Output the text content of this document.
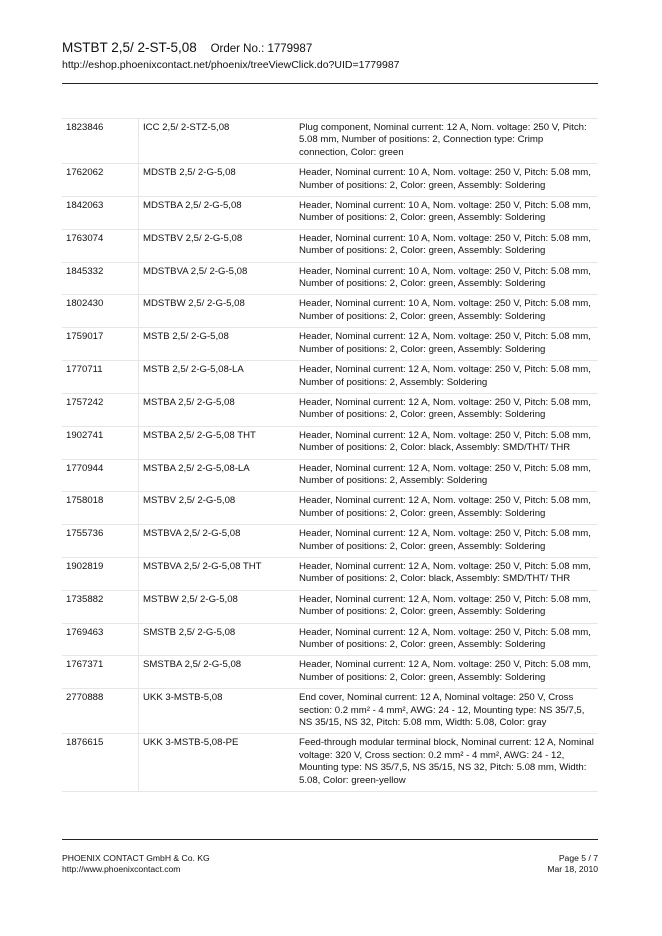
MSTBT 2,5/ 2-ST-5,08 Order No.: 1779987
http://eshop.phoenixcontact.net/phoenix/treeViewClick.do?UID=1779987
1823846	ICC 2,5/ 2-STZ-5,08	Plug component, Nominal current: 12 A, Nom. voltage: 250 V, Pitch: 5.08 mm, Number of positions: 2, Connection type: Crimp connection, Color: green
1762062	MDSTB 2,5/ 2-G-5,08	Header, Nominal current: 10 A, Nom. voltage: 250 V, Pitch: 5.08 mm, Number of positions: 2, Color: green, Assembly: Soldering
1842063	MDSTBA 2,5/ 2-G-5,08	Header, Nominal current: 10 A, Nom. voltage: 250 V, Pitch: 5.08 mm, Number of positions: 2, Color: green, Assembly: Soldering
1763074	MDSTBV 2,5/ 2-G-5,08	Header, Nominal current: 10 A, Nom. voltage: 250 V, Pitch: 5.08 mm, Number of positions: 2, Color: green, Assembly: Soldering
1845332	MDSTBVA 2,5/ 2-G-5,08	Header, Nominal current: 10 A, Nom. voltage: 250 V, Pitch: 5.08 mm, Number of positions: 2, Color: green, Assembly: Soldering
1802430	MDSTBW 2,5/ 2-G-5,08	Header, Nominal current: 10 A, Nom. voltage: 250 V, Pitch: 5.08 mm, Number of positions: 2, Color: green, Assembly: Soldering
1759017	MSTB 2,5/ 2-G-5,08	Header, Nominal current: 12 A, Nom. voltage: 250 V, Pitch: 5.08 mm, Number of positions: 2, Color: green, Assembly: Soldering
1770711	MSTB 2,5/ 2-G-5,08-LA	Header, Nominal current: 12 A, Nom. voltage: 250 V, Pitch: 5.08 mm, Number of positions: 2, Assembly: Soldering
1757242	MSTBA 2,5/ 2-G-5,08	Header, Nominal current: 12 A, Nom. voltage: 250 V, Pitch: 5.08 mm, Number of positions: 2, Color: green, Assembly: Soldering
1902741	MSTBA 2,5/ 2-G-5,08 THT	Header, Nominal current: 12 A, Nom. voltage: 250 V, Pitch: 5.08 mm, Number of positions: 2, Color: black, Assembly: SMD/THT/ THR
1770944	MSTBA 2,5/ 2-G-5,08-LA	Header, Nominal current: 12 A, Nom. voltage: 250 V, Pitch: 5.08 mm, Number of positions: 2, Assembly: Soldering
1758018	MSTBV 2,5/ 2-G-5,08	Header, Nominal current: 12 A, Nom. voltage: 250 V, Pitch: 5.08 mm, Number of positions: 2, Color: green, Assembly: Soldering
1755736	MSTBVA 2,5/ 2-G-5,08	Header, Nominal current: 12 A, Nom. voltage: 250 V, Pitch: 5.08 mm, Number of positions: 2, Color: green, Assembly: Soldering
1902819	MSTBVA 2,5/ 2-G-5,08 THT	Header, Nominal current: 12 A, Nom. voltage: 250 V, Pitch: 5.08 mm, Number of positions: 2, Color: black, Assembly: SMD/THT/ THR
1735882	MSTBW 2,5/ 2-G-5,08	Header, Nominal current: 12 A, Nom. voltage: 250 V, Pitch: 5.08 mm, Number of positions: 2, Color: green, Assembly: Soldering
1769463	SMSTB 2,5/ 2-G-5,08	Header, Nominal current: 12 A, Nom. voltage: 250 V, Pitch: 5.08 mm, Number of positions: 2, Color: green, Assembly: Soldering
1767371	SMSTBA 2,5/ 2-G-5,08	Header, Nominal current: 12 A, Nom. voltage: 250 V, Pitch: 5.08 mm, Number of positions: 2, Color: green, Assembly: Soldering
2770888	UKK 3-MSTB-5,08	End cover, Nominal current: 12 A, Nominal voltage: 250 V, Cross section: 0.2 mm² - 4 mm², AWG: 24 - 12, Mounting type: NS 35/7,5, NS 35/15, NS 32, Pitch: 5.08 mm, Width: 5.08, Color: gray
1876615	UKK 3-MSTB-5,08-PE	Feed-through modular terminal block, Nominal current: 12 A, Nominal voltage: 320 V, Cross section: 0.2 mm² - 4 mm², AWG: 24 - 12, Mounting type: NS 35/7,5, NS 35/15, NS 32, Pitch: 5.08 mm, Width: 5.08, Color: green-yellow
PHOENIX CONTACT GmbH & Co. KG
http://www.phoenixcontact.com
Page 5 / 7
Mar 18, 2010
